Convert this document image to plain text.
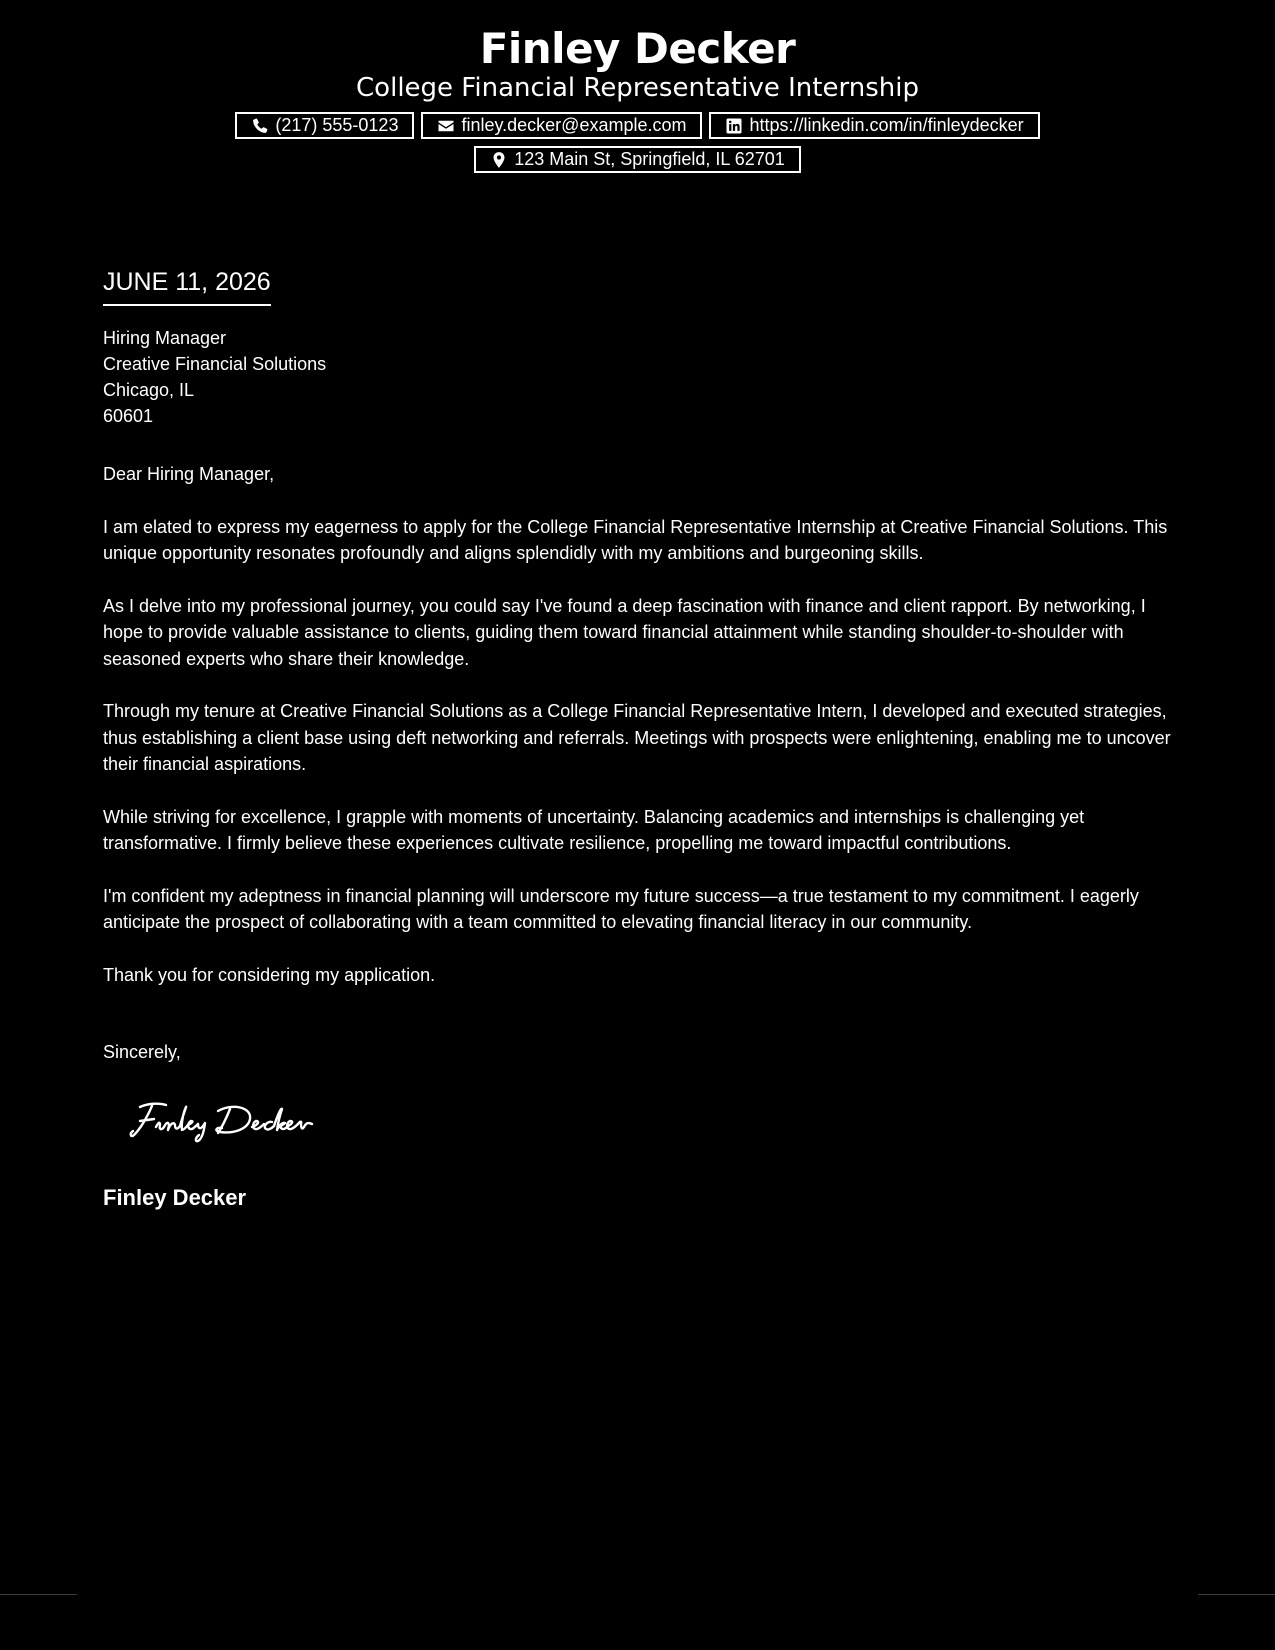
Finley Decker
College Financial Representative Internship
(217) 555-0123	finley.decker@example.com	https://linkedin.com/in/finleydecker
123 Main St, Springfield, IL 62701
JUNE 11, 2026
Hiring Manager
Creative Financial Solutions
Chicago, IL
60601

Dear Hiring Manager,

I am elated to express my eagerness to apply for the College Financial Representative Internship at Creative Financial Solutions. This unique opportunity resonates profoundly and aligns splendidly with my ambitions and burgeoning skills.

As I delve into my professional journey, you could say I've found a deep fascination with finance and client rapport. By networking, I hope to provide valuable assistance to clients, guiding them toward financial attainment while standing shoulder-to-shoulder with seasoned experts who share their knowledge.

Through my tenure at Creative Financial Solutions as a College Financial Representative Intern, I developed and executed strategies, thus establishing a client base using deft networking and referrals. Meetings with prospects were enlightening, enabling me to uncover their financial aspirations.

While striving for excellence, I grapple with moments of uncertainty. Balancing academics and internships is challenging yet transformative. I firmly believe these experiences cultivate resilience, propelling me toward impactful contributions.

I'm confident my adeptness in financial planning will underscore my future success—a true testament to my commitment. I eagerly anticipate the prospect of collaborating with a team committed to elevating financial literacy in our community.

Thank you for considering my application.

Sincerely,
Finley Decker
